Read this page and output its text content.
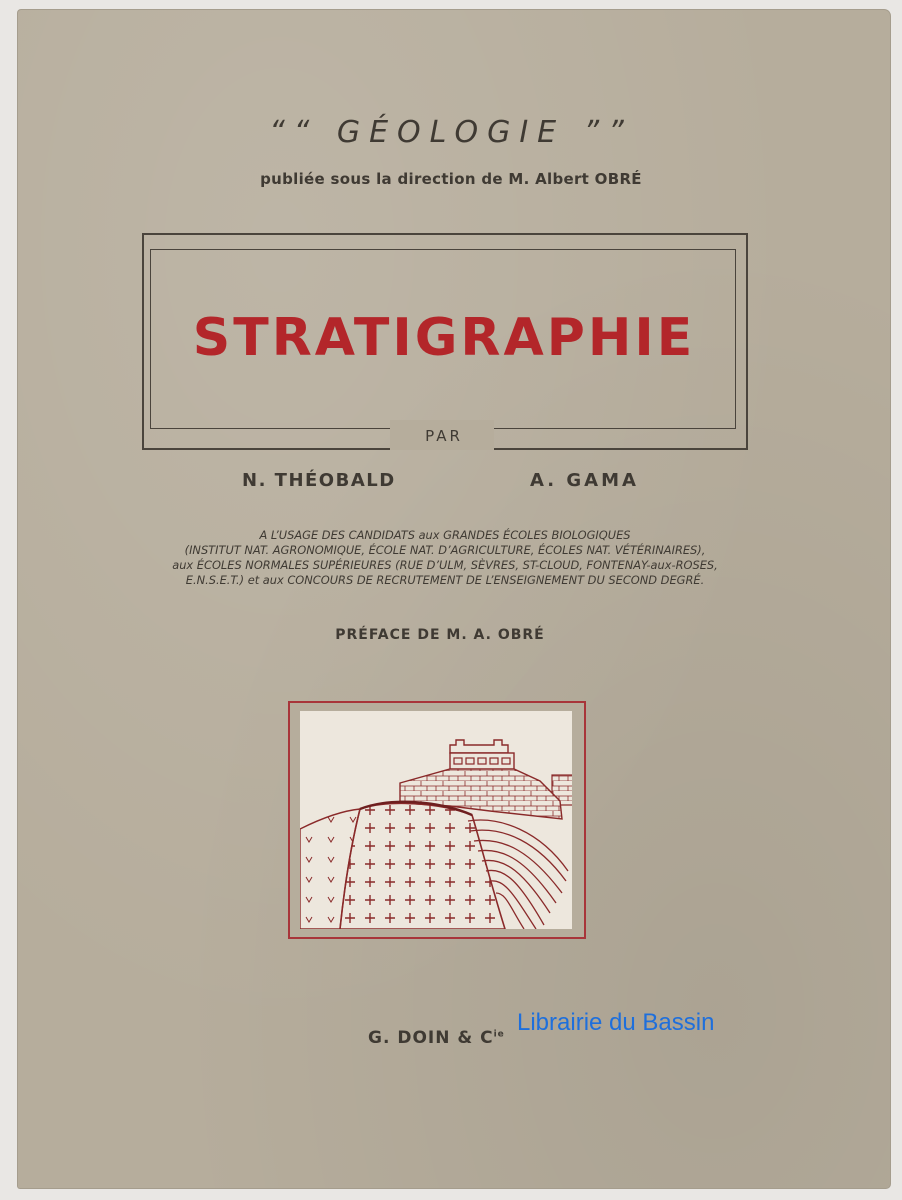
““ GÉOLOGIE ””
publiée sous la direction de M. Albert OBRÉ
STRATIGRAPHIE
PAR
N. THÉOBALD	A. GAMA
A L’USAGE DES CANDIDATS aux GRANDES ÉCOLES BIOLOGIQUES
(INSTITUT NAT. AGRONOMIQUE, ÉCOLE NAT. D’AGRICULTURE, ÉCOLES NAT. VÉTÉRINAIRES),
aux ÉCOLES NORMALES SUPÉRIEURES (RUE D’ULM, SÈVRES, ST-CLOUD, FONTENAY-aux-ROSES,
E.N.S.E.T.) et aux CONCOURS DE RECRUTEMENT DE L’ENSEIGNEMENT DU SECOND DEGRÉ.
PRÉFACE DE M. A. OBRÉ
G. DOIN & $C^{ie}$ Librairie du Bassin
